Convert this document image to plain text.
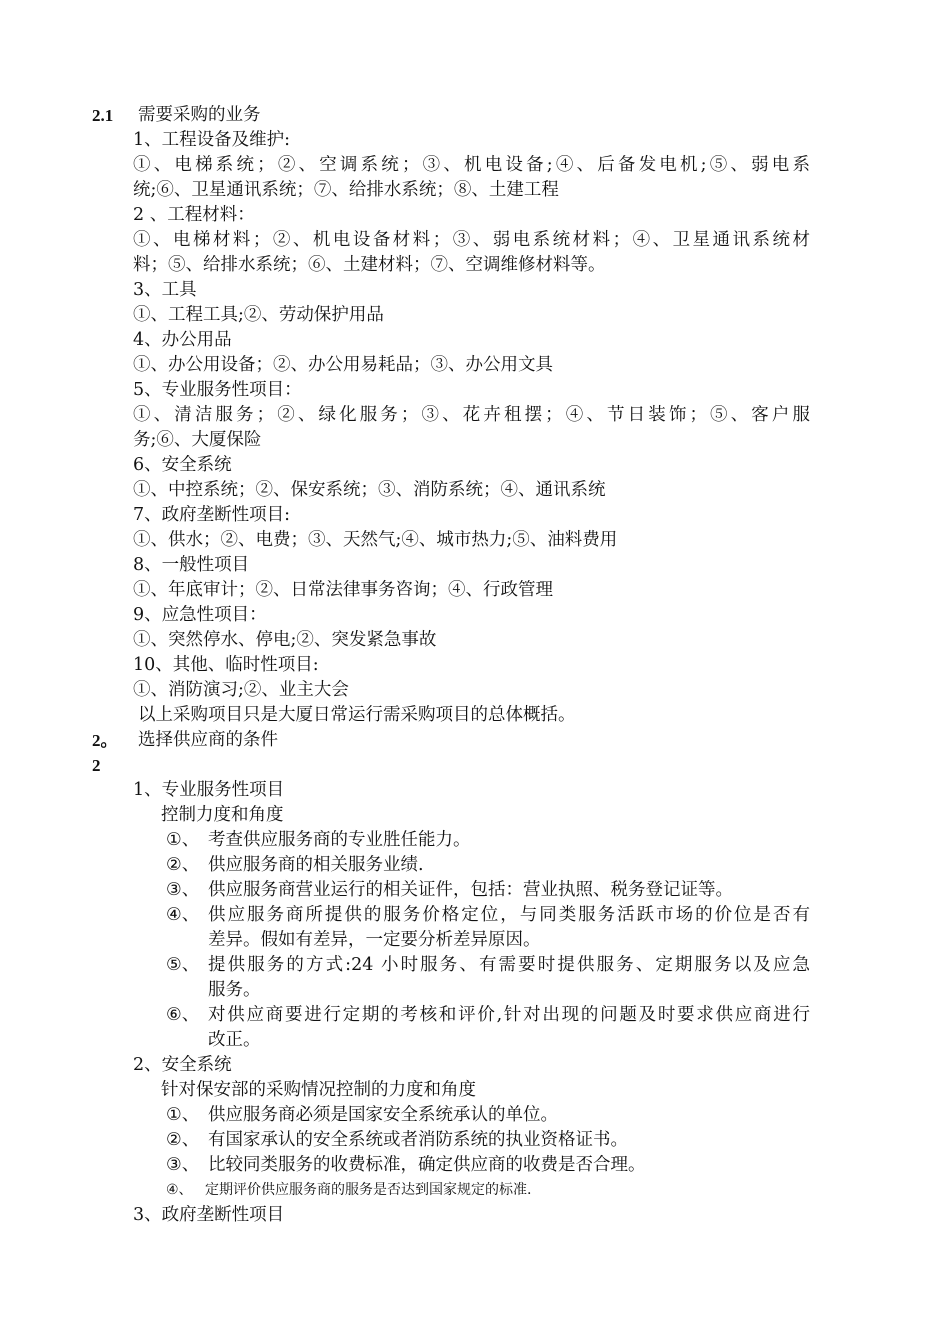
2.1 需要采购的业务
1、工程设备及维护:
①、电梯系统；②、空调系统；③、机电设备;④、后备发电机;⑤、弱电系
统;⑥、卫星通讯系统；⑦、给排水系统；⑧、土建工程
2 、工程材料：
①、电梯材料；②、机电设备材料；③、弱电系统材料；④、卫星通讯系统材
料；⑤、给排水系统；⑥、土建材料；⑦、空调维修材料等。
3、工具
①、工程工具;②、劳动保护用品
4、办公用品
①、办公用设备；②、办公用易耗品；③、办公用文具
5、专业服务性项目：
①、清洁服务；②、绿化服务；③、花卉租摆；④、节日装饰；⑤、客户服
务;⑥、大厦保险
6、安全系统
①、中控系统；②、保安系统；③、消防系统；④、通讯系统
7、政府垄断性项目:
①、供水；②、电费；③、天然气;④、城市热力;⑤、油料费用
8、一般性项目
①、年底审计；②、日常法律事务咨询；④、行政管理
9、应急性项目：
①、突然停水、停电;②、突发紧急事故
10、其他、临时性项目:
①、消防演习;②、业主大会
以上采购项目只是大厦日常运行需采购项目的总体概括。
2。 选择供应商的条件
2
1、专业服务性项目
控制力度和角度
①、 考查供应服务商的专业胜任能力。
②、 供应服务商的相关服务业绩.
③、 供应服务商营业运行的相关证件，包括：营业执照、税务登记证等。
④、 供应服务商所提供的服务价格定位，与同类服务活跃市场的价位是否有
差异。假如有差异，一定要分析差异原因。
⑤、 提供服务的方式:24 小时服务、有需要时提供服务、定期服务以及应急
服务。
⑥、 对供应商要进行定期的考核和评价,针对出现的问题及时要求供应商进行
改正。
2、安全系统
针对保安部的采购情况控制的力度和角度
①、 供应服务商必须是国家安全系统承认的单位。
②、 有国家承认的安全系统或者消防系统的执业资格证书。
③、 比较同类服务的收费标准，确定供应商的收费是否合理。
④、 定期评价供应服务商的服务是否达到国家规定的标准.
3、政府垄断性项目
